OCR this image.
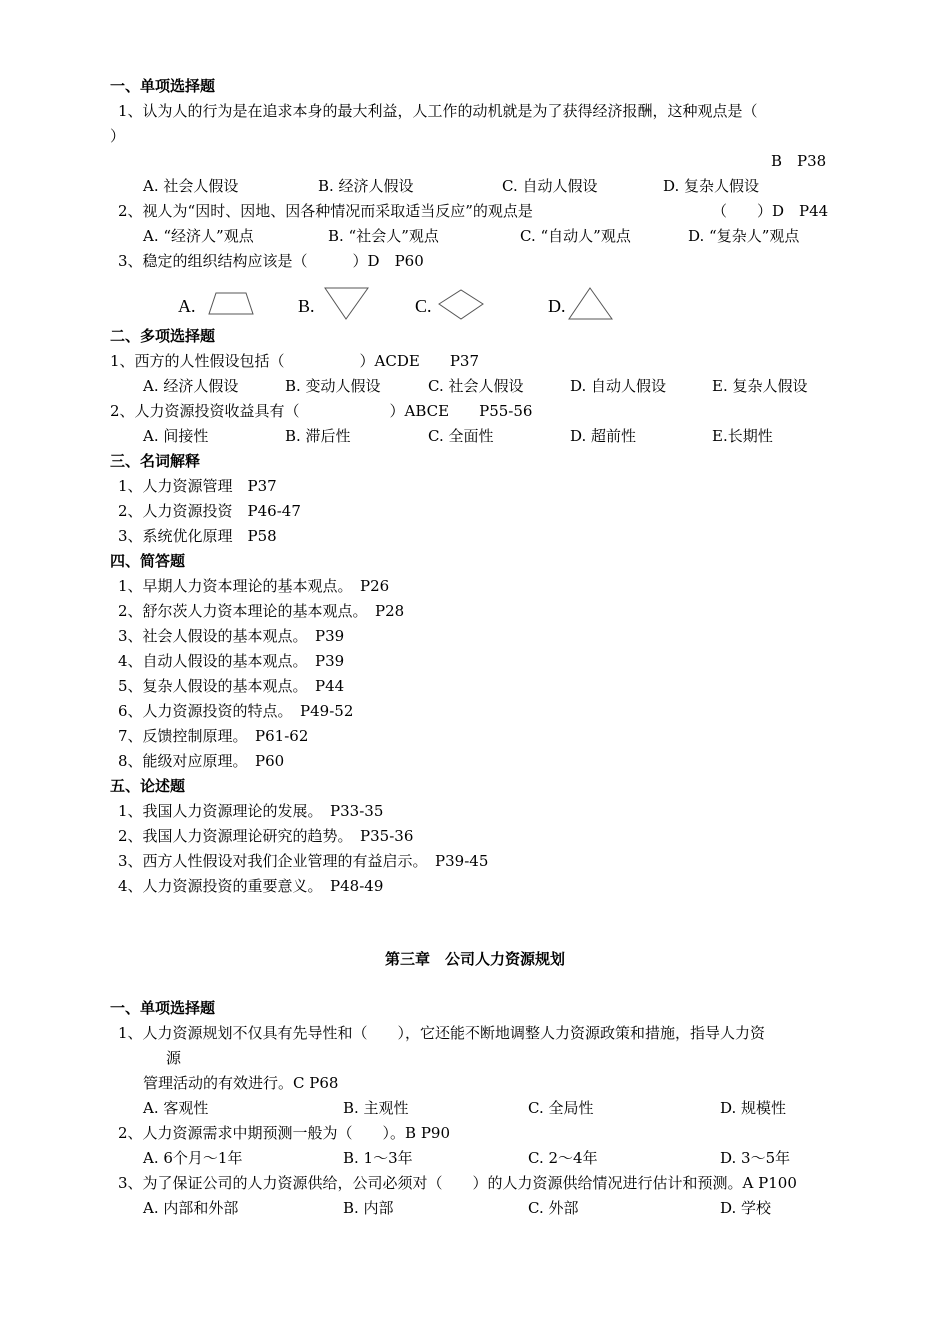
一、单项选择题
1、认为人的行为是在追求本身的最大利益，人工作的动机就是为了获得经济报酬，这种观点是（
）
B　P38
A. 社会人假设	B. 经济人假设	C. 自动人假设	D. 复杂人假设
2、视人为“因时、因地、因各种情况而采取适当反应”的观点是	（　　）D　P44
A. “经济人”观点	B. “社会人”观点	C. “自动人”观点	D. “复杂人”观点
3、稳定的组织结构应该是（　　　）D　P60
A.	B.	C.	D.
二、多项选择题
1、西方的人性假设包括（　　　　　）ACDE　　P37
A. 经济人假设	B. 变动人假设	C. 社会人假设	D. 自动人假设	E. 复杂人假设
2、人力资源投资收益具有（　　　　　　）ABCE　　P55-56
A. 间接性	B. 滞后性	C. 全面性	D. 超前性	E.长期性
三、名词解释
1、人力资源管理　P37
2、人力资源投资　P46-47
3、系统优化原理　P58
四、简答题
1、早期人力资本理论的基本观点。　P26
2、舒尔茨人力资本理论的基本观点。　P28
3、社会人假设的基本观点。　P39
4、自动人假设的基本观点。　P39
5、复杂人假设的基本观点。　P44
6、人力资源投资的特点。　P49-52
7、反馈控制原理。　P61-62
8、能级对应原理。　P60
五、论述题
1、我国人力资源理论的发展。　P33-35
2、我国人力资源理论研究的趋势。　P35-36
3、西方人性假设对我们企业管理的有益启示。　P39-45
4、人力资源投资的重要意义。　P48-49
第三章　公司人力资源规划
一、单项选择题
1、人力资源规划不仅具有先导性和（　　），它还能不断地调整人力资源政策和措施，指导人力资
源
管理活动的有效进行。C P68
A. 客观性	B. 主观性	C. 全局性	D. 规模性
2、人力资源需求中期预测一般为（　　）。B P90
A. 6个月～1年	B. 1～3年	C. 2～4年	D. 3～5年
3、为了保证公司的人力资源供给，公司必须对（　　）的人力资源供给情况进行估计和预测。A P100
A. 内部和外部	B. 内部	C. 外部	D. 学校
